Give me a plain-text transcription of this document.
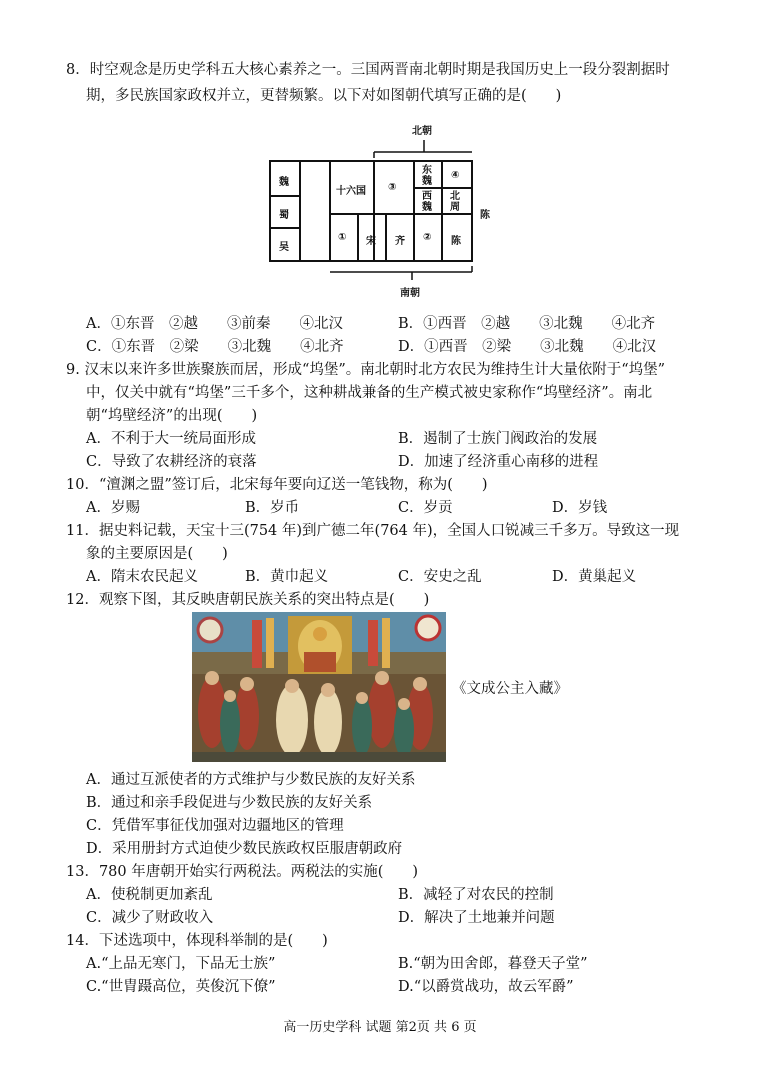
8．时空观念是历史学科五大核心素养之一。三国两晋南北朝时期是我国历史上一段分裂割据时
期，多民族国家政权并立，更替频繁。以下对如图朝代填写正确的是(　　)
北朝
南朝
陈
魏
蜀
吴
十六国 ③
东魏
④
西魏
北周
① 宋 齐 ② 陈
A．①东晋　②越　　③前秦　　④北汉	B．①西晋　②越　　③北魏　　④北齐
C．①东晋　②梁　　③北魏　　④北齐	D．①西晋　②梁　　③北魏　　④北汉
9. 汉末以来许多世族聚族而居，形成“坞堡”。南北朝时北方农民为维持生计大量依附于“坞堡”
中，仅关中就有“坞堡”三千多个，这种耕战兼备的生产模式被史家称作“坞壁经济”。南北
朝“坞壁经济”的出现(　　)
A．不利于大一统局面形成	B．遏制了士族门阀政治的发展
C．导致了农耕经济的衰落	D．加速了经济重心南移的进程
10．“澶渊之盟”签订后，北宋每年要向辽送一笔钱物，称为(　　)
A．岁赐	B．岁币	C．岁贡	D．岁钱
11．据史料记载，天宝十三(754 年)到广德二年(764 年)，全国人口锐减三千多万。导致这一现
象的主要原因是(　　)
A．隋末农民起义	B．黄巾起义	C．安史之乱	D．黄巢起义
12．观察下图，其反映唐朝民族关系的突出特点是(　　)
《文成公主入藏》
A．通过互派使者的方式维护与少数民族的友好关系
B．通过和亲手段促进与少数民族的友好关系
C．凭借军事征伐加强对边疆地区的管理
D．采用册封方式迫使少数民族政权臣服唐朝政府
13．780 年唐朝开始实行两税法。两税法的实施(　　)
A．使税制更加紊乱	B．减轻了对农民的控制
C．减少了财政收入	D．解决了土地兼并问题
14．下述选项中，体现科举制的是(　　)
A.“上品无寒门，下品无士族”	B.“朝为田舍郎，暮登天子堂”
C.“世胄蹑高位，英俊沉下僚”	D.“以爵赏战功，故云军爵”
高一历史学科 试题 第2页 共 6 页
